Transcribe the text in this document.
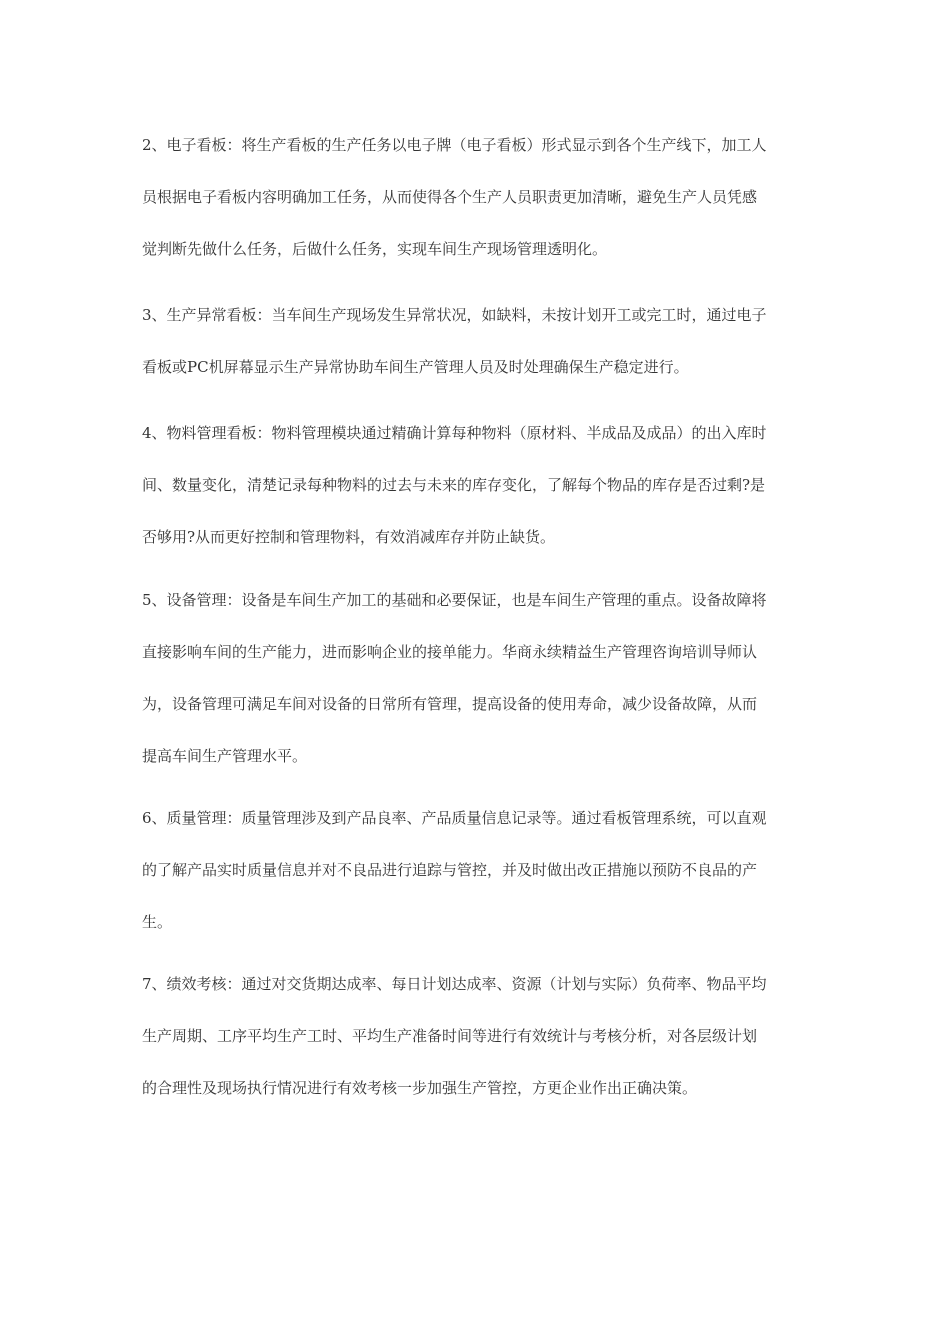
2、电子看板：将生产看板的生产任务以电子牌（电子看板）形式显示到各个生产线下，加工人
员根据电子看板内容明确加工任务，从而使得各个生产人员职责更加清晰，避免生产人员凭感
觉判断先做什么任务，后做什么任务，实现车间生产现场管理透明化。

3、生产异常看板：当车间生产现场发生异常状况，如缺料，未按计划开工或完工时，通过电子
看板或PC机屏幕显示生产异常协助车间生产管理人员及时处理确保生产稳定进行。

4、物料管理看板：物料管理模块通过精确计算每种物料（原材料、半成品及成品）的出入库时
间、数量变化，清楚记录每种物料的过去与未来的库存变化，了解每个物品的库存是否过剩?是
否够用?从而更好控制和管理物料，有效消减库存并防止缺货。

5、设备管理：设备是车间生产加工的基础和必要保证，也是车间生产管理的重点。设备故障将
直接影响车间的生产能力，进而影响企业的接单能力。华商永续精益生产管理咨询培训导师认
为，设备管理可满足车间对设备的日常所有管理，提高设备的使用寿命，减少设备故障，从而
提高车间生产管理水平。

6、质量管理：质量管理涉及到产品良率、产品质量信息记录等。通过看板管理系统，可以直观
的了解产品实时质量信息并对不良品进行追踪与管控，并及时做出改正措施以预防不良品的产
生。

7、绩效考核：通过对交货期达成率、每日计划达成率、资源（计划与实际）负荷率、物品平均
生产周期、工序平均生产工时、平均生产准备时间等进行有效统计与考核分析，对各层级计划
的合理性及现场执行情况进行有效考核一步加强生产管控，方更企业作出正确决策。
